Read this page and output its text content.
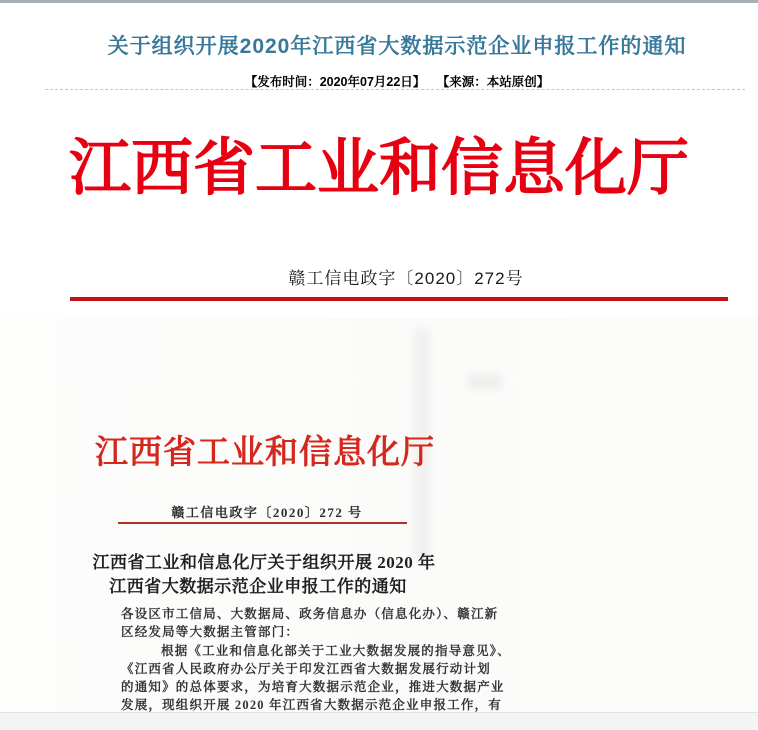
关于组织开展2020年江西省大数据示范企业申报工作的通知
【发布时间：2020年07月22日】 【来源：本站原创】
江西省工业和信息化厅
赣工信电政字〔2020〕272号
江西省工业和信息化厅
赣工信电政字〔2020〕272 号
江西省工业和信息化厅关于组织开展 2020 年
江西省大数据示范企业申报工作的通知
各设区市工信局、大数据局、政务信息办（信息化办）、赣江新
区经发局等大数据主管部门：
根据《工业和信息化部关于工业大数据发展的指导意见》、
《江西省人民政府办公厅关于印发江西省大数据发展行动计划
的通知》的总体要求，为培育大数据示范企业，推进大数据产业
发展，现组织开展 2020 年江西省大数据示范企业申报工作，有
